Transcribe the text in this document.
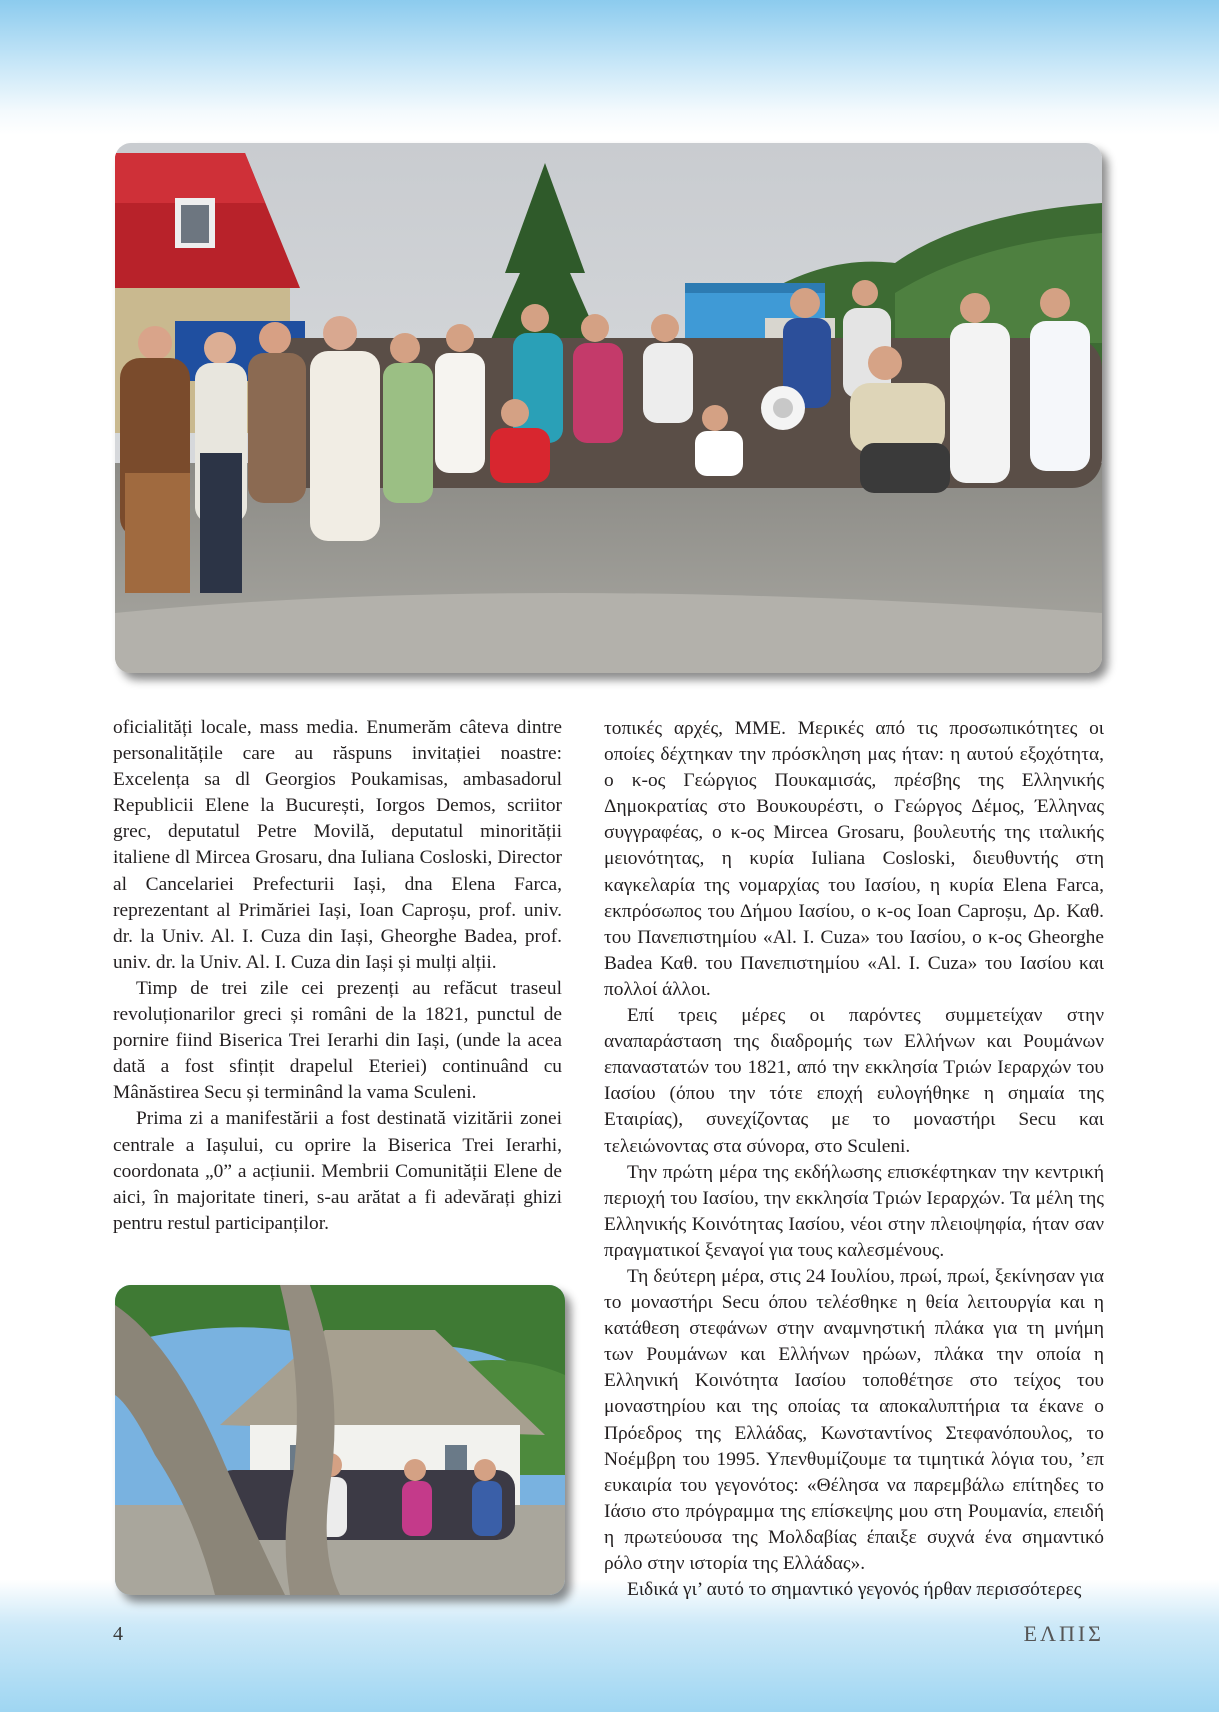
oficialități locale, mass media. Enumerăm câteva dintre personalitățile care au răspuns invitației noastre: Excelența sa dl Georgios Poukamisas, ambasadorul Republicii Elene la București, Iorgos Demos, scriitor grec, deputatul Petre Movilă, deputatul minorității italiene dl Mircea Grosaru, dna Iuliana Cosloski, Director al Cancelariei Prefecturii Iași, dna Elena Farca, reprezentant al Primăriei Iași, Ioan Caproșu, prof. univ. dr. la Univ. Al. I. Cuza din Iași, Gheorghe Badea, prof. univ. dr. la Univ. Al. I. Cuza din Iași și mulți alții.

Timp de trei zile cei prezenți au refăcut traseul revoluționarilor greci și români de la 1821, punctul de pornire fiind Biserica Trei Ierarhi din Iași, (unde la acea dată a fost sfințit drapelul Eteriei) continuând cu Mânăstirea Secu și terminând la vama Sculeni.

Prima zi a manifestării a fost destinată vizitării zonei centrale a Iașului, cu oprire la Biserica Trei Ierarhi, coordonata „0” a acțiunii. Membrii Comunității Elene de aici, în majoritate tineri, s-au arătat a fi adevărați ghizi pentru restul participanților.

τοπικές αρχές, ΜΜΕ. Μερικές από τις προσωπικότητες οι οποίες δέχτηκαν την πρόσκληση μας ήταν: η αυτού εξοχότητα, ο κ-ος Γεώργιος Πουκαμισάς, πρέσβης της Ελληνικής Δημοκρατίας στο Βουκουρέστι, ο Γεώργος Δέμος, Έλληνας συγγραφέας, ο κ-ος Mircea Grosaru, βουλευτής της ιταλικής μειονότητας, η κυρία Iuliana Cosloski, διευθυντής στη καγκελαρία της νομαρχίας του Ιασίου, η κυρία Elena Farca, εκπρόσωπος του Δήμου Ιασίου, ο κ-ος Ioan Caproșu, Δρ. Καθ. του Πανεπιστημίου «Al. I. Cuza» του Ιασίου, ο κ-ος Gheorghe Badea Καθ. του Πανεπιστημίου «Al. I. Cuza» του Ιασίου και πολλοί άλλοι.

Επί τρεις μέρες οι παρόντες συμμετείχαν στην αναπαράσταση της διαδρομής των Ελλήνων και Ρουμάνων επαναστατών του 1821, από την εκκλησία Τριών Ιεραρχών του Ιασίου (όπου την τότε εποχή ευλογήθηκε η σημαία της Εταιρίας), συνεχίζοντας με το μοναστήρι Secu και τελειώνοντας στα σύνορα, στο Sculeni.

Την πρώτη μέρα της εκδήλωσης επισκέφτηκαν την κεντρική περιοχή του Ιασίου, την εκκλησία Τριών Ιεραρχών. Τα μέλη της Ελληνικής Κοινότητας Ιασίου, νέοι στην πλειοψηφία, ήταν σαν πραγματικοί ξεναγοί για τους καλεσμένους.

Τη δεύτερη μέρα, στις 24 Ιουλίου, πρωί, πρωί, ξεκίνησαν για το μοναστήρι Secu όπου τελέσθηκε η θεία λειτουργία και η κατάθεση στεφάνων στην αναμνηστική πλάκα για τη μνήμη των Ρουμάνων και Ελλήνων ηρώων, πλάκα την οποία η Ελληνική Κοινότητα Ιασίου τοποθέτησε στο τείχος του μοναστηρίου και της οποίας τα αποκαλυπτήρια τα έκανε ο Πρόεδρος της Ελλάδας, Κωνσταντίνος Στεφανόπουλος, το Νοέμβρη του 1995. Υπενθυμίζουμε τα τιμητικά λόγια του, ’επ ευκαιρία του γεγονότος: «Θέλησα να παρεμβάλω επίτηδες το Ιάσιο στο πρόγραμμα της επίσκεψης μου στη Ρουμανία, επειδή η πρωτεύουσα της Μολδαβίας έπαιξε συχνά ένα σημαντικό ρόλο στην ιστορία της Ελλάδας».

Ειδικά γι’ αυτό το σημαντικό γεγονός ήρθαν περισσότερες

4	ΕΛΠΙΣ
